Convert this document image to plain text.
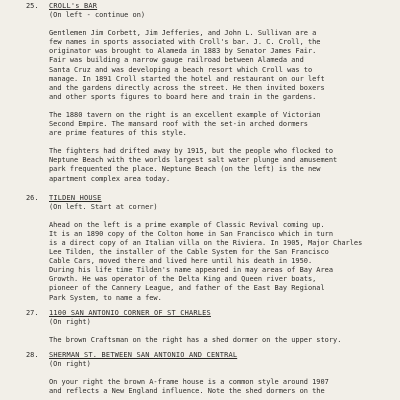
25.	CROLL's BAR
(On left - continue on)
Gentlemen Jim Corbett, Jim Jefferies, and John L. Sullivan are a
few names in sports associated with Croll's bar. J. C. Croll, the
originator was brought to Alameda in 1883 by Senator James Fair.
Fair was building a narrow gauge railroad between Alameda and
Santa Cruz and was developing a beach resort which Croll was to
manage. In 1891 Croll started the hotel and restaurant on our left
and the gardens directly across the street. He then invited boxers
and other sports figures to board here and train in the gardens.
The 1880 tavern on the right is an excellent example of Victorian
Second Empire. The mansard roof with the set-in arched dormers
are prime features of this style.
The fighters had drifted away by 1915, but the people who flocked to
Neptune Beach with the worlds largest salt water plunge and amusement
park frequented the place. Neptune Beach (on the left) is the new
apartment complex area today.
26.	TILDEN HOUSE
(On left. Start at corner)
Ahead on the left is a prime example of Classic Revival coming up.
It is an 1890 copy of the Colton home in San Francisco which in turn
is a direct copy of an Italian villa on the Riviera. In 1905, Major Charles
Lee Tilden, the installer of the Cable System for the San Francisco
Cable Cars, moved there and lived here until his death in 1950.
During his life time Tilden's name appeared in may areas of Bay Area
Growth. He was operator of the Delta King and Queen river boats,
pioneer of the Cannery League, and father of the East Bay Regional
Park System, to name a few.
27.	1100 SAN ANTONIO CORNER OF ST CHARLES
(On right)
The brown Craftsman on the right has a shed dormer on the upper story.
28.	SHERMAN ST. BETWEEN SAN ANTONIO AND CENTRAL
(On right)
On your right the brown A-frame house is a common style around 1907
and reflects a New England influence. Note the shed dormers on the
